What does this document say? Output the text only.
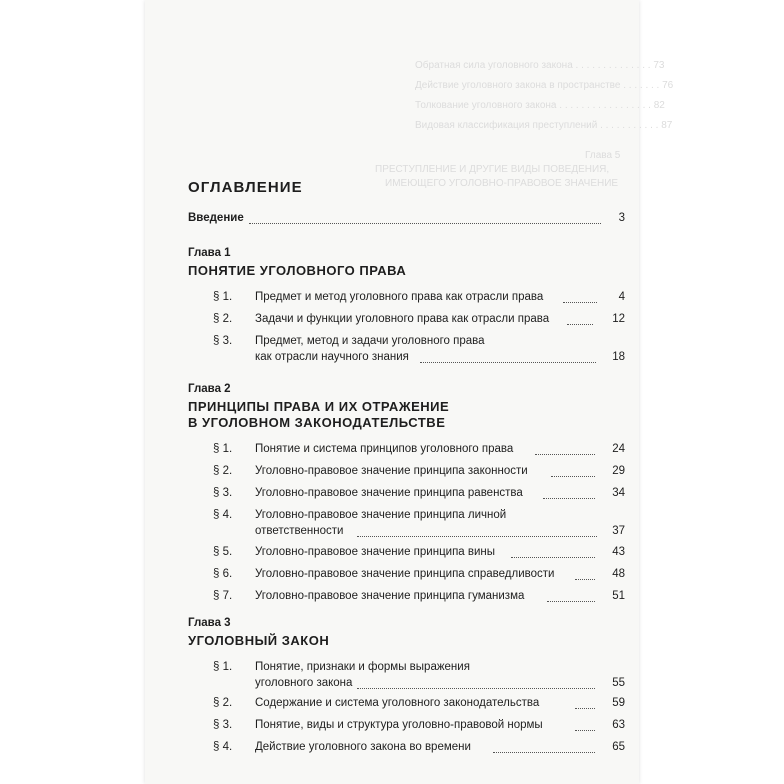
Обратная сила уголовного закона . . . . . . . . . . . . . . 73
Действие уголовного закона в пространстве . . . . . . . 76
Толкование уголовного закона . . . . . . . . . . . . . . . . . 82
Видовая классификация преступлений . . . . . . . . . . . 87
Глава 5
ПРЕСТУПЛЕНИЕ И ДРУГИЕ ВИДЫ ПОВЕДЕНИЯ,
ИМЕЮЩЕГО УГОЛОВНО-ПРАВОВОЕ ЗНАЧЕНИЕ
ОГЛАВЛЕНИЕ
Введение	3
Глава 1
ПОНЯТИЕ УГОЛОВНОГО ПРАВА
§ 1. Предмет и метод уголовного права как отрасли права	4
§ 2. Задачи и функции уголовного права как отрасли права	12
§ 3. Предмет, метод и задачи уголовного права
как отрасли научного знания	18
Глава 2
ПРИНЦИПЫ ПРАВА И ИХ ОТРАЖЕНИЕ
В УГОЛОВНОМ ЗАКОНОДАТЕЛЬСТВЕ
§ 1. Понятие и система принципов уголовного права	24
§ 2. Уголовно-правовое значение принципа законности	29
§ 3. Уголовно-правовое значение принципа равенства	34
§ 4. Уголовно-правовое значение принципа личной
ответственности	37
§ 5. Уголовно-правовое значение принципа вины	43
§ 6. Уголовно-правовое значение принципа справедливости	48
§ 7. Уголовно-правовое значение принципа гуманизма	51
Глава 3
УГОЛОВНЫЙ ЗАКОН
§ 1. Понятие, признаки и формы выражения
уголовного закона	55
§ 2. Содержание и система уголовного законодательства	59
§ 3. Понятие, виды и структура уголовно-правовой нормы	63
§ 4. Действие уголовного закона во времени	65
